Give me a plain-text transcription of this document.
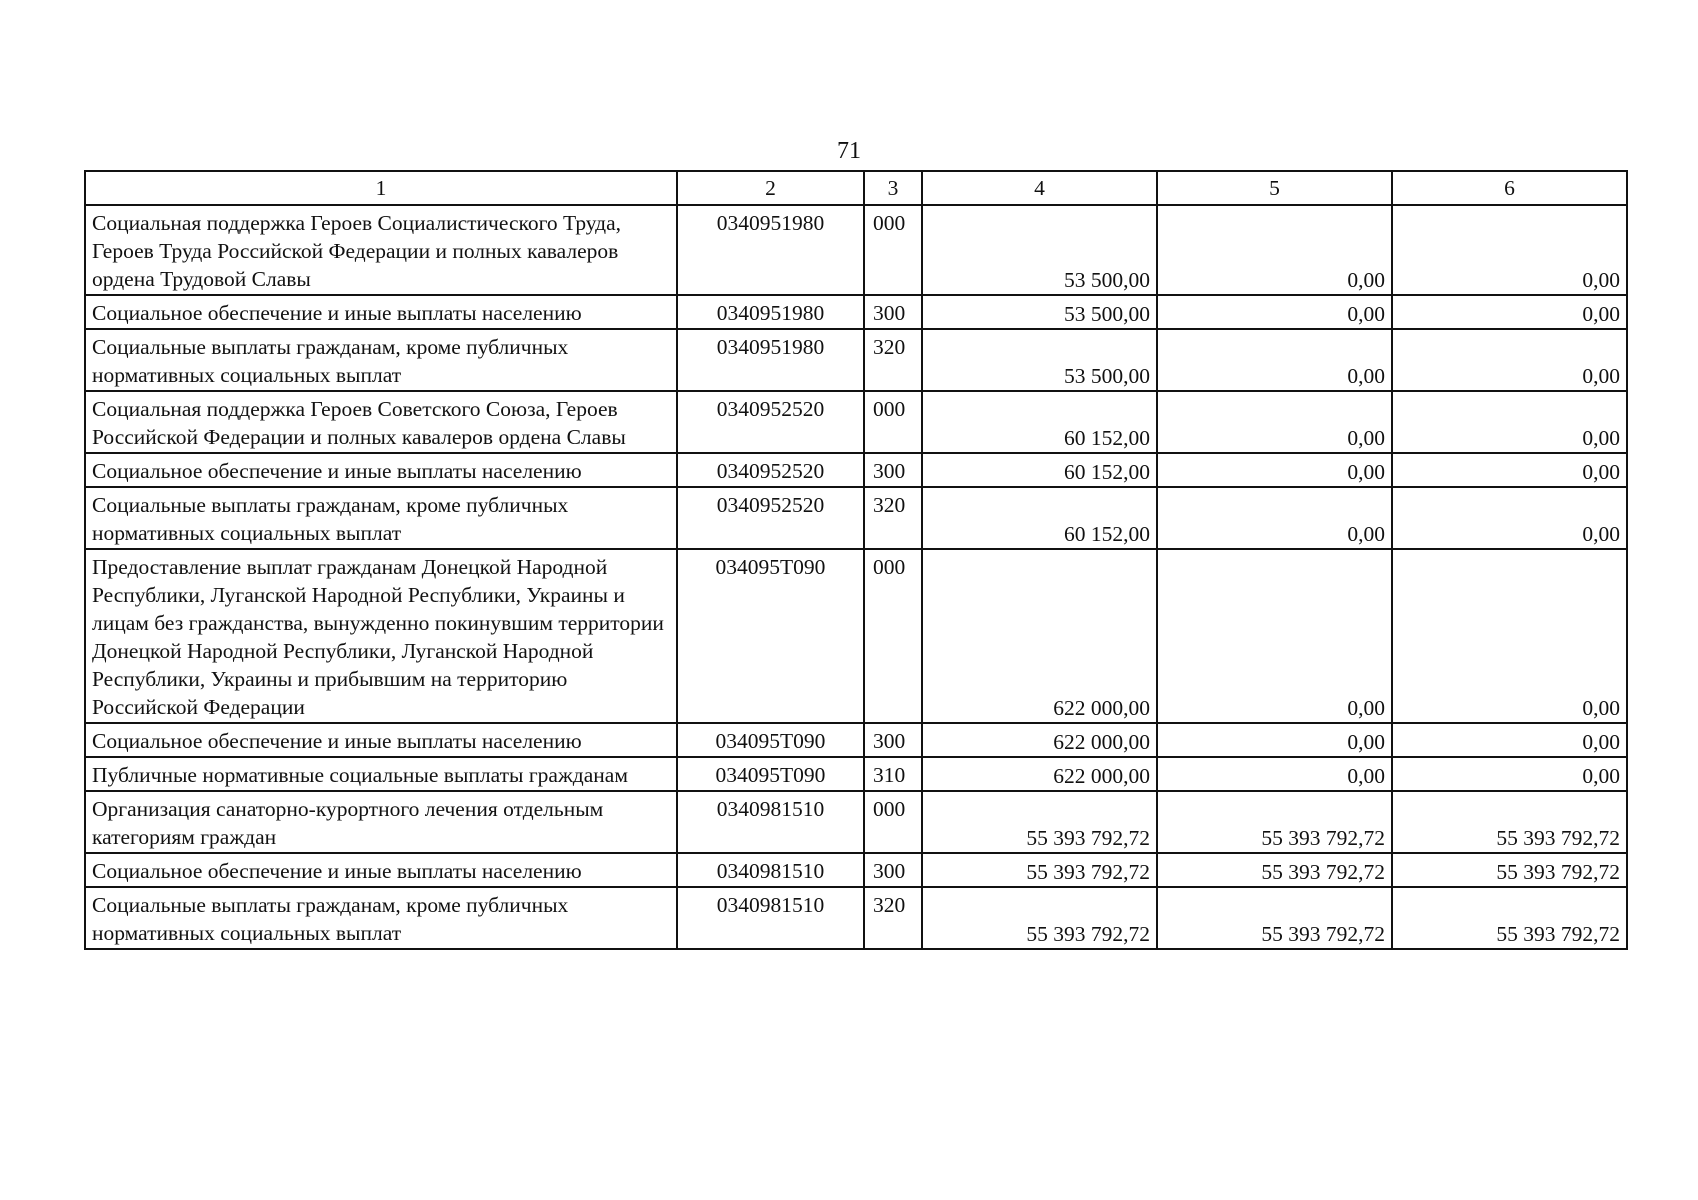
71
1	2	3	4	5	6
Социальная поддержка Героев Социалистического Труда, Героев Труда Российской Федерации и полных кавалеров ордена Трудовой Славы	0340951980	000	53 500,00	0,00	0,00
Социальное обеспечение и иные выплаты населению	0340951980	300	53 500,00	0,00	0,00
Социальные выплаты гражданам, кроме публичных нормативных социальных выплат	0340951980	320	53 500,00	0,00	0,00
Социальная поддержка Героев Советского Союза, Героев Российской Федерации и полных кавалеров ордена Славы	0340952520	000	60 152,00	0,00	0,00
Социальное обеспечение и иные выплаты населению	0340952520	300	60 152,00	0,00	0,00
Социальные выплаты гражданам, кроме публичных нормативных социальных выплат	0340952520	320	60 152,00	0,00	0,00
Предоставление выплат гражданам Донецкой Народной Республики, Луганской Народной Республики, Украины и лицам без гражданства, вынужденно покинувшим территории Донецкой Народной Республики, Луганской Народной Республики, Украины и прибывшим на территорию Российской Федерации	034095Т090	000	622 000,00	0,00	0,00
Социальное обеспечение и иные выплаты населению	034095Т090	300	622 000,00	0,00	0,00
Публичные нормативные социальные выплаты гражданам	034095Т090	310	622 000,00	0,00	0,00
Организация санаторно-курортного лечения отдельным категориям граждан	0340981510	000	55 393 792,72	55 393 792,72	55 393 792,72
Социальное обеспечение и иные выплаты населению	0340981510	300	55 393 792,72	55 393 792,72	55 393 792,72
Социальные выплаты гражданам, кроме публичных нормативных социальных выплат	0340981510	320	55 393 792,72	55 393 792,72	55 393 792,72
